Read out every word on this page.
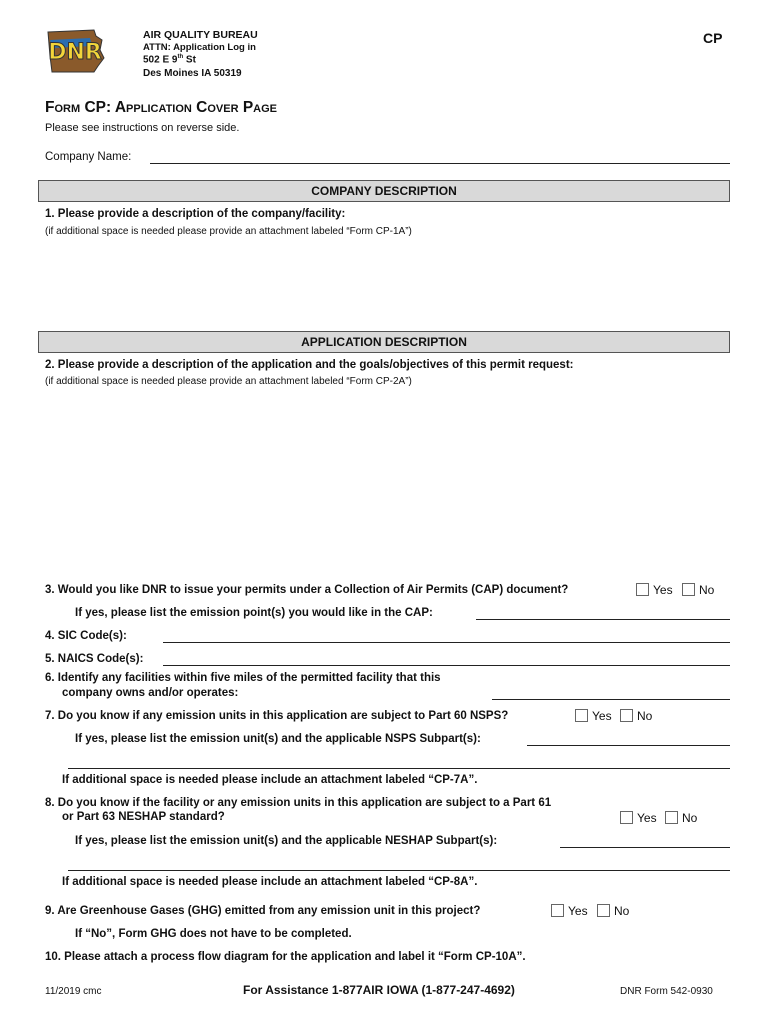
DNR
AIR QUALITY BUREAU
ATTN: Application Log in
502 E 9th St
Des Moines IA 50319
CP
Form CP: Application Cover Page
Please see instructions on reverse side.
Company Name:
COMPANY DESCRIPTION
1. Please provide a description of the company/facility:
(if additional space is needed please provide an attachment labeled “Form CP-1A”)
APPLICATION DESCRIPTION
2. Please provide a description of the application and the goals/objectives of this permit request:
(if additional space is needed please provide an attachment labeled “Form CP-2A”)
3. Would you like DNR to issue your permits under a Collection of Air Permits (CAP) document?	Yes No
If yes, please list the emission point(s) you would like in the CAP:
4. SIC Code(s):
5. NAICS Code(s):
6. Identify any facilities within five miles of the permitted facility that this
company owns and/or operates:
7. Do you know if any emission units in this application are subject to Part 60 NSPS?	Yes No
If yes, please list the emission unit(s) and the applicable NSPS Subpart(s):
If additional space is needed please include an attachment labeled “CP-7A”.
8. Do you know if the facility or any emission units in this application are subject to a Part 61
or Part 63 NESHAP standard?	Yes No
If yes, please list the emission unit(s) and the applicable NESHAP Subpart(s):
If additional space is needed please include an attachment labeled “CP-8A”.
9. Are Greenhouse Gases (GHG) emitted from any emission unit in this project?	Yes No
If “No”, Form GHG does not have to be completed.
10. Please attach a process flow diagram for the application and label it “Form CP-10A”.
11/2019 cmc	For Assistance 1-877AIR IOWA (1-877-247-4692)	DNR Form 542-0930
